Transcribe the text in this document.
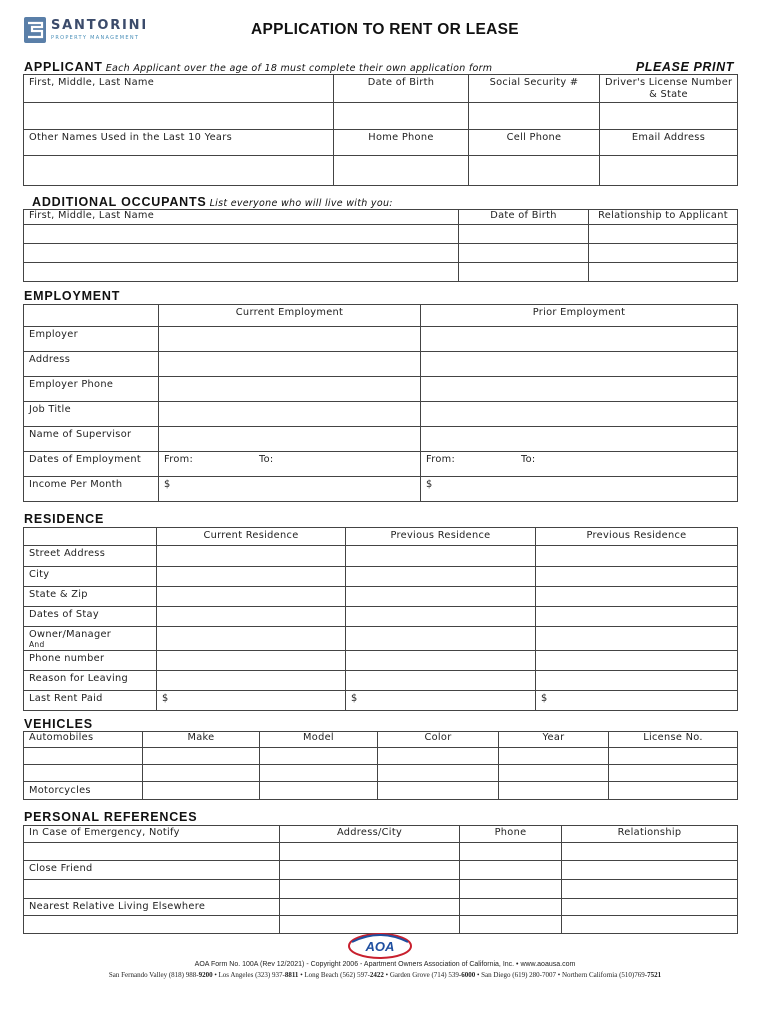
SANTORINI
PROPERTY MANAGEMENT	APPLICATION TO RENT OR LEASE
APPLICANT Each Applicant over the age of 18 must complete their own application form	PLEASE PRINT
First, Middle, Last Name	Date of Birth	Social Security #	Driver's License Number
& State

Other Names Used in the Last 10 Years	Home Phone	Cell Phone	Email Address

ADDITIONAL OCCUPANTS List everyone who will live with you:
First, Middle, Last Name	Date of Birth	Relationship to Applicant

EMPLOYMENT
	Current Employment	Prior Employment
Employer		
Address		
Employer Phone		
Job Title		
Name of Supervisor		
Dates of Employment	From: To:	From: To:

Income Per Month	$	$
RESIDENCE
	Current Residence	Previous Residence	Previous Residence
Street Address			
City			
State & Zip			
Dates of Stay			
Owner/Manager
And			

Phone number			
Reason for Leaving			
Last Rent Paid	$	$	$
VEHICLES
Automobiles	Make	Model	Color	Year	License No.

Motorcycles					
PERSONAL REFERENCES
In Case of Emergency, Notify	Address/City	Phone	Relationship

Close Friend			

Nearest Relative Living Elsewhere			

AOA
AOA Form No. 100A (Rev 12/2021) - Copyright 2006 - Apartment Owners Association of California, Inc. • www.aoausa.com
San Fernando Valley (818) 988-9200 • Los Angeles (323) 937-8811 • Long Beach (562) 597-2422 • Garden Grove (714) 539-6000 • San Diego (619) 280-7007 • Northern California (510)769-7521
